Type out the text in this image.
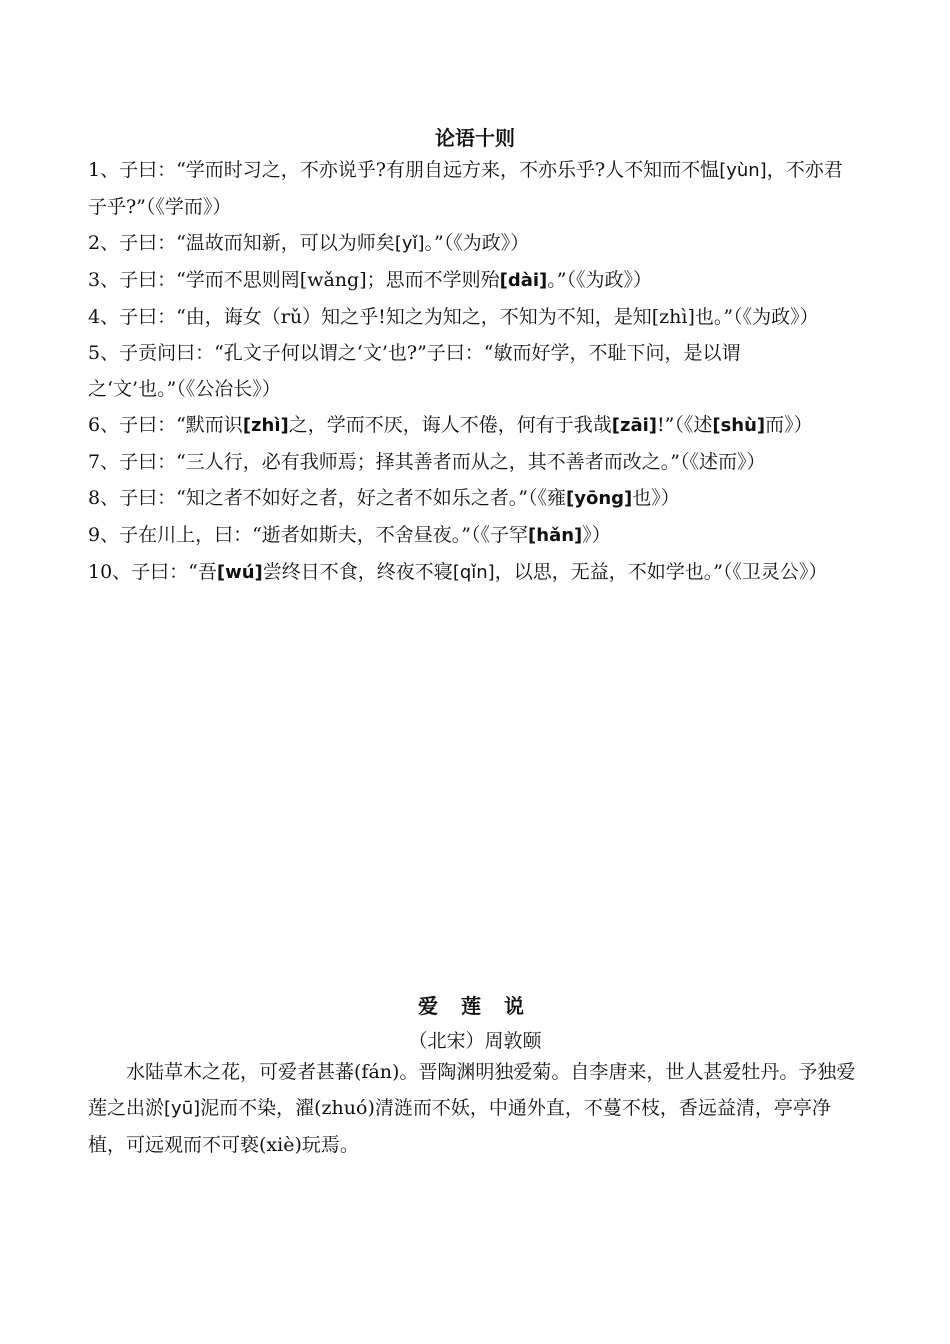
论语十则

1、子曰：“学而时习之，不亦说乎?有朋自远方来，不亦乐乎?人不知而不愠[yùn]，不亦君子乎?”（《学而》）

2、子曰：“温故而知新，可以为师矣[yǐ]。”（《为政》）

3、子曰：“学而不思则罔[wǎng]；思而不学则殆[dài]。”（《为政》）

4、子曰：“由，诲女（rǔ）知之乎!知之为知之，不知为不知，是知[zhì]也。”（《为政》）

5、子贡问曰：“孔文子何以谓之‘文’也?”子曰：“敏而好学，不耻下问，是以谓之‘文’也。”（《公冶长》）

6、子曰：“默而识[zhì]之，学而不厌，诲人不倦，何有于我哉[zāi]!”（《述[shù]而》）

7、子曰：“三人行，必有我师焉；择其善者而从之，其不善者而改之。”（《述而》）

8、子曰：“知之者不如好之者，好之者不如乐之者。”（《雍[yōng]也》）

9、子在川上，曰：“逝者如斯夫，不舍昼夜。”（《子罕[hǎn]》）

10、子曰：“吾[wú]尝终日不食，终夜不寝[qǐn]，以思，无益，不如学也。”（《卫灵公》）

爱 莲 说
（北宋）周敦颐

水陆草木之花，可爱者甚蕃(fán)。晋陶渊明独爱菊。自李唐来，世人甚爱牡丹。予独爱莲之出淤[yū]泥而不染，濯(zhuó)清涟而不妖，中通外直，不蔓不枝，香远益清，亭亭净植，可远观而不可亵(xiè)玩焉。
